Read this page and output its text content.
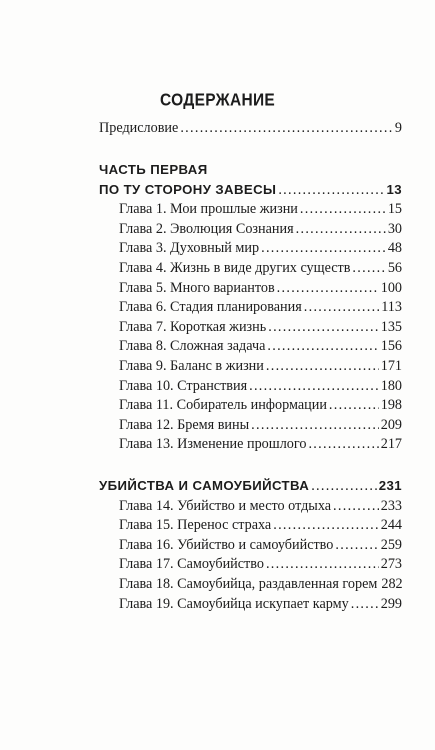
СОДЕРЖАНИЕ
Предисловие .....	9
ЧАСТЬ ПЕРВАЯ
ПО ТУ СТОРОНУ ЗАВЕСЫ .....	13
Глава 1. Мои прошлые жизни .....	15
Глава 2. Эволюция Сознания .....	30
Глава 3. Духовный мир .....	48
Глава 4. Жизнь в виде других существ .....	56
Глава 5. Много вариантов .....	100
Глава 6. Стадия планирования .....	113
Глава 7. Короткая жизнь .....	135
Глава 8. Сложная задача .....	156
Глава 9. Баланс в жизни .....	171
Глава 10. Странствия .....	180
Глава 11. Собиратель информации .....	198
Глава 12. Бремя вины .....	209
Глава 13. Изменение прошлого .....	217
УБИЙСТВА И САМОУБИЙСТВА .....	231
Глава 14. Убийство и место отдыха .....	233
Глава 15. Перенос страха .....	244
Глава 16. Убийство и самоубийство .....	259
Глава 17. Самоубийство .....	273
Глава 18. Самоубийца, раздавленная горем 282
Глава 19. Самоубийца искупает карму ..... 299
